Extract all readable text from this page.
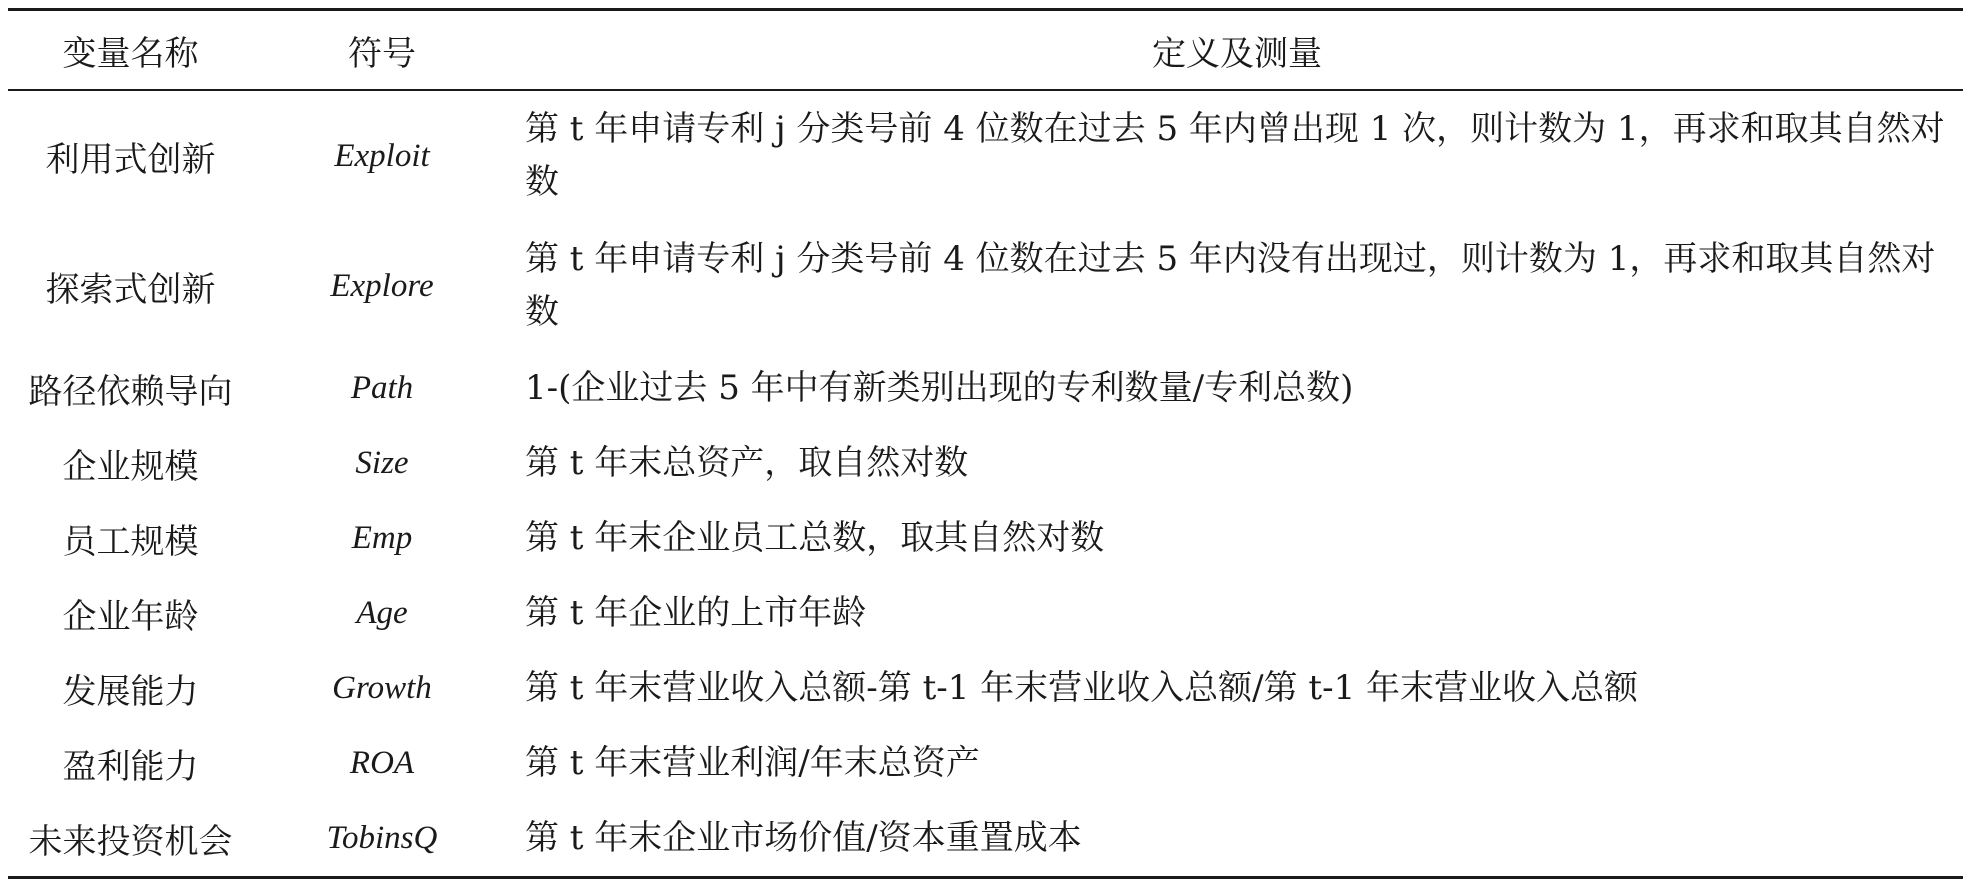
变量名称	符号	定义及测量
利用式创新	Exploit	第 t 年申请专利 j 分类号前 4 位数在过去 5 年内曾出现 1 次，则计数为 1，再求和取其自然对数
探索式创新	Explore	第 t 年申请专利 j 分类号前 4 位数在过去 5 年内没有出现过，则计数为 1，再求和取其自然对数
路径依赖导向	Path	1-(企业过去 5 年中有新类别出现的专利数量/专利总数)
企业规模	Size	第 t 年末总资产，取自然对数
员工规模	Emp	第 t 年末企业员工总数，取其自然对数
企业年龄	Age	第 t 年企业的上市年龄
发展能力	Growth	第 t 年末营业收入总额-第 t-1 年末营业收入总额/第 t-1 年末营业收入总额
盈利能力	ROA	第 t 年末营业利润/年末总资产
未来投资机会	TobinsQ	第 t 年末企业市场价值/资本重置成本
